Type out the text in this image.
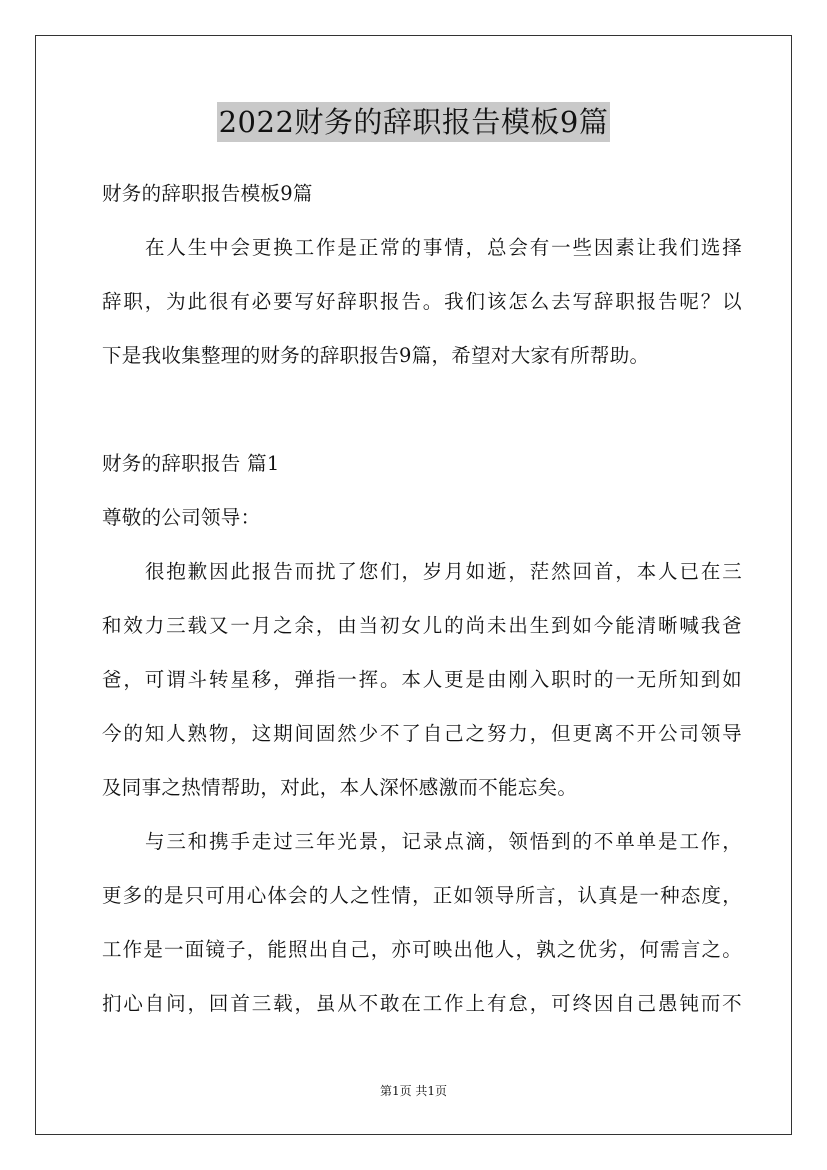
2022财务的辞职报告模板9篇
财务的辞职报告模板9篇
在人生中会更换工作是正常的事情，总会有一些因素让我们选择
辞职，为此很有必要写好辞职报告。我们该怎么去写辞职报告呢？以
下是我收集整理的财务的辞职报告9篇，希望对大家有所帮助。
财务的辞职报告 篇1
尊敬的公司领导：
很抱歉因此报告而扰了您们，岁月如逝，茫然回首，本人已在三
和效力三载又一月之余，由当初女儿的尚未出生到如今能清晰喊我爸
爸，可谓斗转星移，弹指一挥。本人更是由刚入职时的一无所知到如
今的知人熟物，这期间固然少不了自己之努力，但更离不开公司领导
及同事之热情帮助，对此，本人深怀感激而不能忘矣。
与三和携手走过三年光景，记录点滴，领悟到的不单单是工作，
更多的是只可用心体会的人之性情，正如领导所言，认真是一种态度，
工作是一面镜子，能照出自己，亦可映出他人，孰之优劣，何需言之。
扪心自问，回首三载，虽从不敢在工作上有怠，可终因自己愚钝而不
第1页 共1页
